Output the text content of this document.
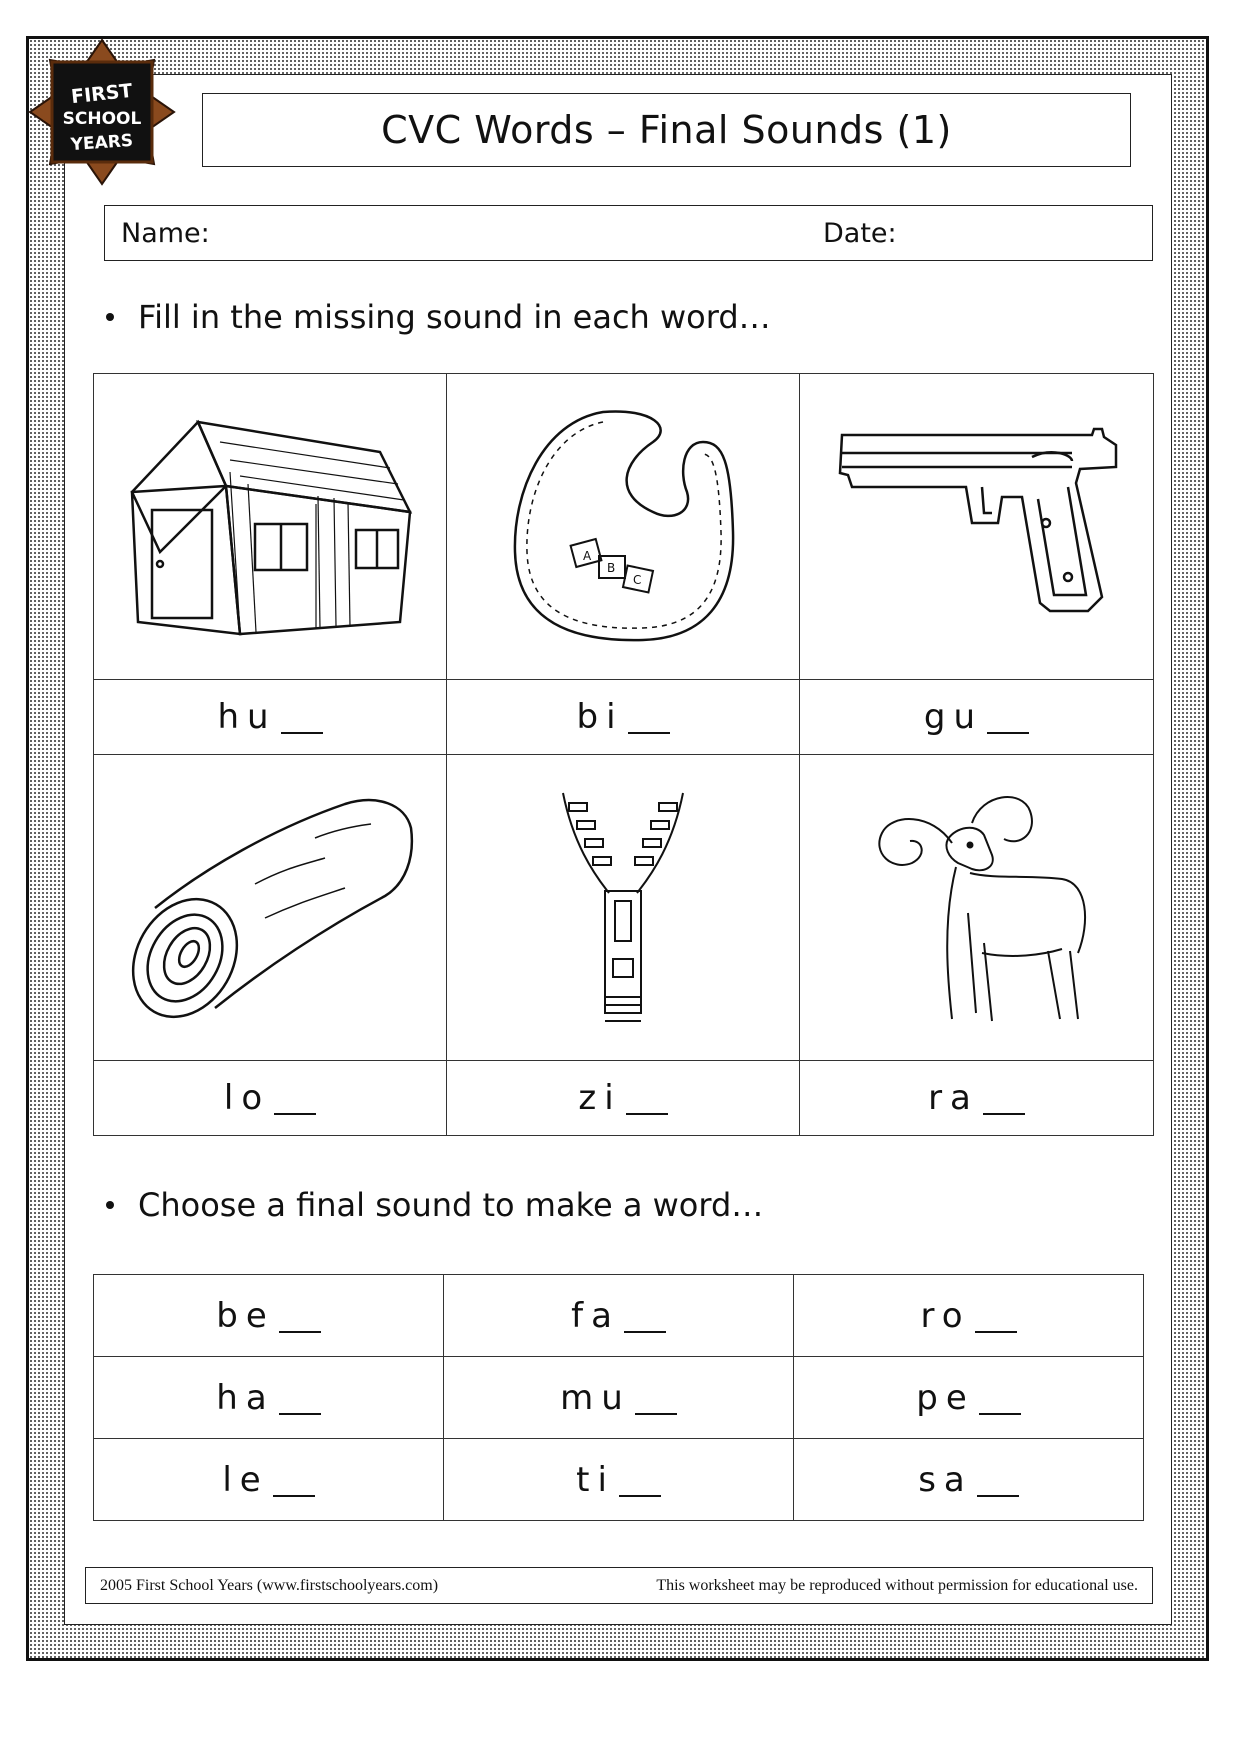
FIRST
SCHOOL
YEARS	CVC Words – Final Sounds (1)
Name:	Date:
Fill in the missing sound in each word…

A
B
C

hu	bi	gu

lo	zi	ra
Choose a final sound to make a word…
be	fa	ro
ha	mu	pe
le	ti	sa
2005 First School Years (www.firstschoolyears.com)	This worksheet may be reproduced without permission for educational use.
